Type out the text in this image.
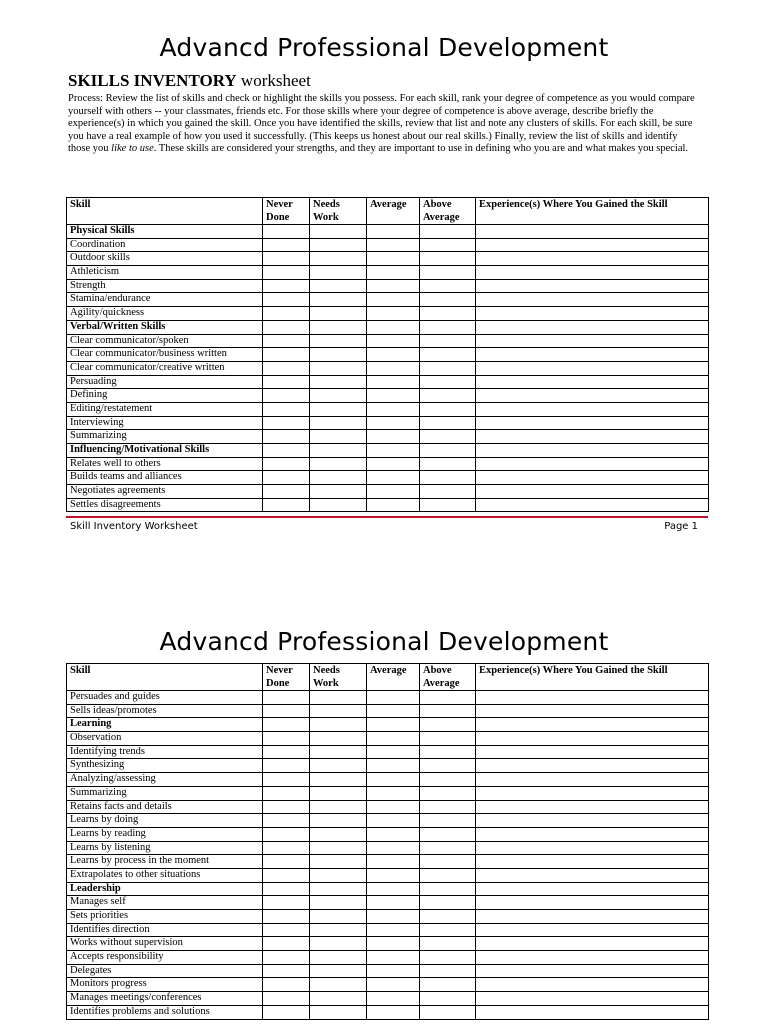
Advancd Professional Development
SKILLS INVENTORY worksheet
Process: Review the list of skills and check or highlight the skills you possess. For each skill, rank your degree of competence as you would compare yourself with others -- your classmates, friends etc. For those skills where your degree of competence is above average, describe briefly the experience(s) in which you gained the skill. Once you have identified the skills, review that list and note any clusters of skills. For each skill, be sure you have a real example of how you used it successfully. (This keeps us honest about our real skills.) Finally, review the list of skills and identify those you like to use. These skills are considered your strengths, and they are important to use in defining who you are and what makes you special.
Skill	Never Done	Needs Work	Average	Above Average	Experience(s) Where You Gained the Skill
Physical Skills					
Coordination					
Outdoor skills					
Athleticism					
Strength					
Stamina/endurance					
Agility/quickness					
Verbal/Written Skills					
Clear communicator/spoken					
Clear communicator/business written					
Clear communicator/creative written					
Persuading					
Defining					
Editing/restatement					
Interviewing					
Summarizing					
Influencing/Motivational Skills					
Relates well to others					
Builds teams and alliances					
Negotiates agreements					
Settles disagreements					
Skill Inventory Worksheet	Page 1
Advancd Professional Development
Skill	Never Done	Needs Work	Average	Above Average	Experience(s) Where You Gained the Skill
Persuades and guides					
Sells ideas/promotes					
Learning					
Observation					
Identifying trends					
Synthesizing					
Analyzing/assessing					
Summarizing					
Retains facts and details					
Learns by doing					
Learns by reading					
Learns by listening					
Learns by process in the moment					
Extrapolates to other situations					
Leadership					
Manages self					
Sets priorities					
Identifies direction					
Works without supervision					
Accepts responsibility					
Delegates					
Monitors progress					
Manages meetings/conferences					
Identifies problems and solutions					
